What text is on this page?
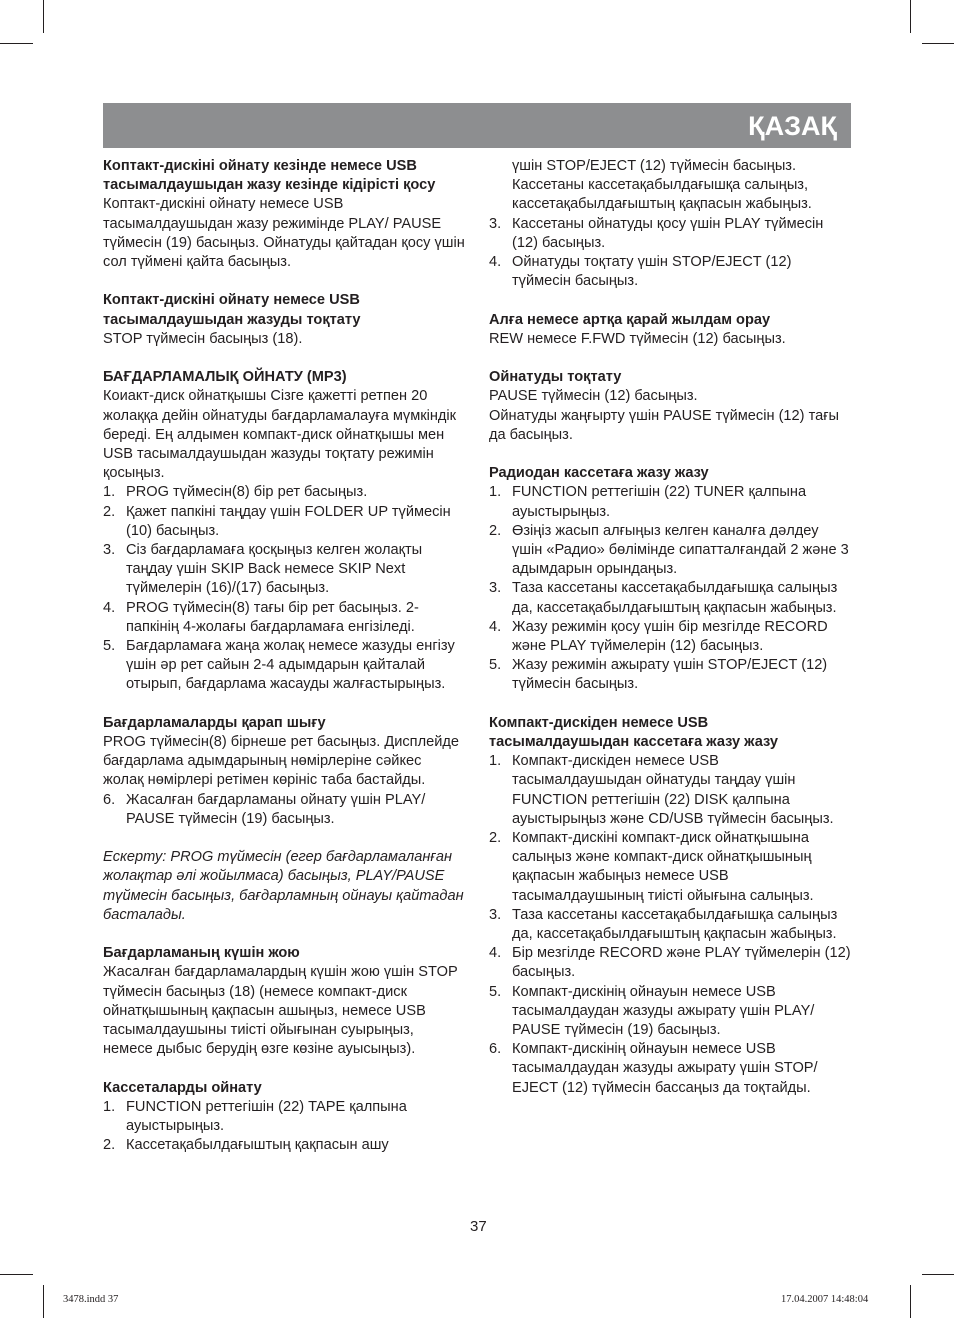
ҚАЗАҚ

Коптакт-дискіні ойнату кезінде немесе USB тасымалдаушыдан жазу кезінде кідірісті қосу

Коптакт-дискіні ойнату немесе USB тасымалдаушыдан жазу режимінде PLAY/ PAUSE түймесін (19) басыңыз. Ойнатуды қайтадан қосу үшін сол түймені қайта басыңыз.

Коптакт-дискіні ойнату немесе USB тасымалдаушыдан жазуды тоқтату

STOP түймесін басыңыз (18).

БАҒДАРЛАМАЛЫҚ ОЙНАТУ (MP3)

Коиакт-диск ойнатқышы Сізге қажетті ретпен 20 жолаққа дейін ойнатуды бағдарламалауға мүмкіндік береді. Ең алдымен компакт-диск ойнатқышы мен USB тасымалдаушыдан жазуды тоқтату режимін қосыңыз.

1. PROG түймесін(8) бір рет басыңыз.
2. Қажет папкіні таңдау үшін FOLDER UP түймесін (10) басыңыз.
3. Сіз бағдарламаға қосқыңыз келген жолақты таңдау үшін SKIP Back немесе SKIP Next түймелерін (16)/(17) басыңыз.
4. PROG түймесін(8) тағы бір рет басыңыз. 2-папкінің 4-жолағы бағдарламаға енгізіледі.
5. Бағдарламаға жаңа жолақ немесе жазуды енгізу үшін әр рет сайын 2-4 адымдарын қайталай отырып, бағдарлама жасауды жалғастырыңыз.

Бағдарламаларды қарап шығу

PROG түймесін(8) бірнеше рет басыңыз. Дисплейде бағдарлама адымдарының нөмірлеріне сәйкес жолақ нөмірлері ретімен көрініс таба бастайды.

6. Жасалған бағдарламаны ойнату үшін PLAY/ PAUSE түймесін (19) басыңыз.

Ескерту: PROG түймесін (егер бағдарламаланған жолақтар әлі жойылмаса) басыңыз, PLAY/PAUSE түймесін басыңыз, бағдарламның ойнауы қайтадан басталады.

Бағдарламаның күшін жою

Жасалған бағдарламалардың күшін жою үшін STOP түймесін басыңыз (18) (немесе компакт-диск ойнатқышының қақпасын ашыңыз, немесе USB тасымалдаушыны тиісті ойығынан суырыңыз, немесе дыбыс берудің өзге көзіне ауысыңыз).

Кассеталарды ойнату

1. FUNCTION реттегішін (22) TAPE қалпына ауыстырыңыз.
2. Кассетақабылдағыштың қақпасын ашу
үшін STOP/EJECT (12) түймесін басыңыз. Кассетаны кассетақабылдағышқа салыңыз, кассетақабылдағыштың қақпасын жабыңыз.
3. Кассетаны ойнатуды қосу үшін PLAY түймесін (12) басыңыз.
4. Ойнатуды тоқтату үшін STOP/EJECT (12) түймесін басыңыз.

Алға немесе артқа қарай жылдам орау

REW немесе F.FWD түймесін (12) басыңыз.

Ойнатуды тоқтату

PAUSE түймесін (12) басыңыз.

Ойнатуды жаңғырту үшін PAUSE түймесін (12) тағы да басыңыз.

Радиодан кассетаға жазу жазу

1. FUNCTION реттегішін (22) TUNER қалпына ауыстырыңыз.
2. Өзіңіз жасып алғыңыз келген каналға дәлдеу үшін «Радио» бөлімінде сипатталғандай 2 және 3 адымдарын орындаңыз.
3. Таза кассетаны кассетақабылдағышқа салыңыз да, кассетақабылдағыштың қақпасын жабыңыз.
4. Жазу режимін қосу үшін бір мезгілде RECORD және PLAY түймелерін (12) басыңыз.
5. Жазу режимін ажырату үшін STOP/EJECT (12) түймесін басыңыз.

Компакт-дискіден немесе USB тасымалдаушыдан кассетаға жазу жазу

1. Компакт-дискіден немесе USB тасымалдаушыдан ойнатуды таңдау үшін FUNCTION реттегішін (22) DISK қалпына ауыстырыңыз және CD/USB түймесін басыңыз.
2. Компакт-дискіні компакт-диск ойнатқышына салыңыз және компакт-диск ойнатқышының қақпасын жабыңыз немесе USB тасымалдаушының тиісті ойығына салыңыз.
3. Таза кассетаны кассетақабылдағышқа салыңыз да, кассетақабылдағыштың қақпасын жабыңыз.
4. Бір мезгілде RECORD және PLAY түймелерін (12) басыңыз.
5. Компакт-дискінің ойнауын немесе USB тасымалдаудан жазуды ажырату үшін PLAY/ PAUSE түймесін (19) басыңыз.
6. Компакт-дискінің ойнауын немесе USB тасымалдаудан жазуды ажырату үшін STOP/ EJECT (12) түймесін бассаңыз да тоқтайды.
37
3478.indd 37	17.04.2007 14:48:04
